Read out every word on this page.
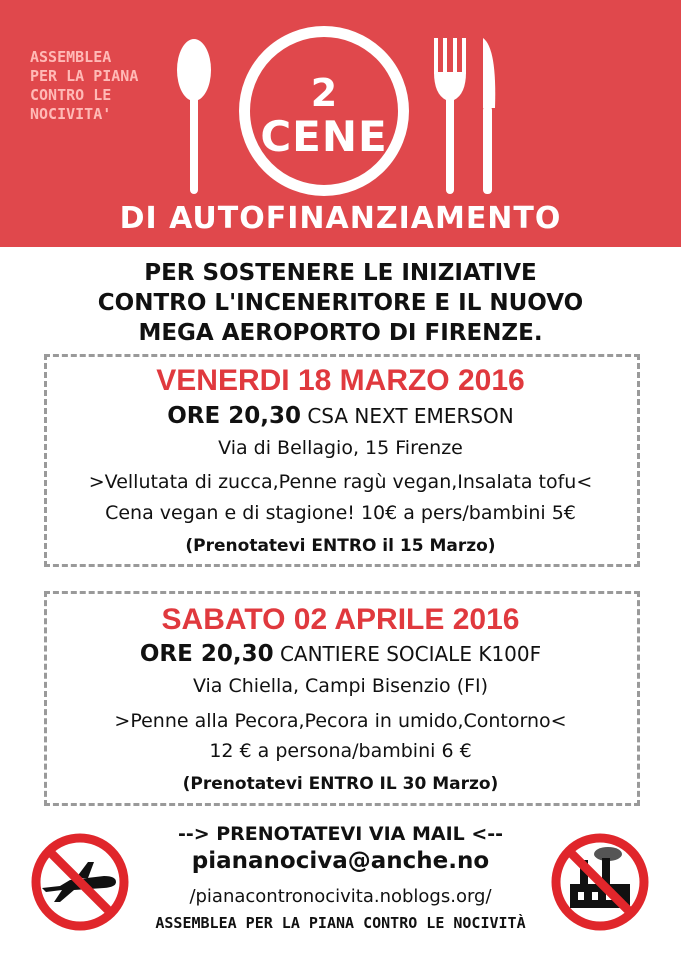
ASSEMBLEA
PER LA PIANA
CONTRO LE
NOCIVITA'	2
CENE
DI AUTOFINANZIAMENTO
PER SOSTENERE LE INIZIATIVE
CONTRO L'INCENERITORE E IL NUOVO
MEGA AEROPORTO DI FIRENZE.
VENERDI 18 MARZO 2016
ORE 20,30 CSA NEXT EMERSON
Via di Bellagio, 15 Firenze
>Vellutata di zucca,Penne ragù vegan,Insalata tofu<
Cena vegan e di stagione! 10€ a pers/bambini 5€
(Prenotatevi ENTRO il 15 Marzo)
SABATO 02 APRILE 2016
ORE 20,30 CANTIERE SOCIALE K100F
Via Chiella, Campi Bisenzio (FI)
>Penne alla Pecora,Pecora in umido,Contorno<
12 € a persona/bambini 6 €
(Prenotatevi ENTRO IL 30 Marzo)
--> PRENOTATEVI VIA MAIL <--
piananociva@anche.no
/pianacontronocivita.noblogs.org/
ASSEMBLEA PER LA PIANA CONTRO LE NOCIVITÀ
